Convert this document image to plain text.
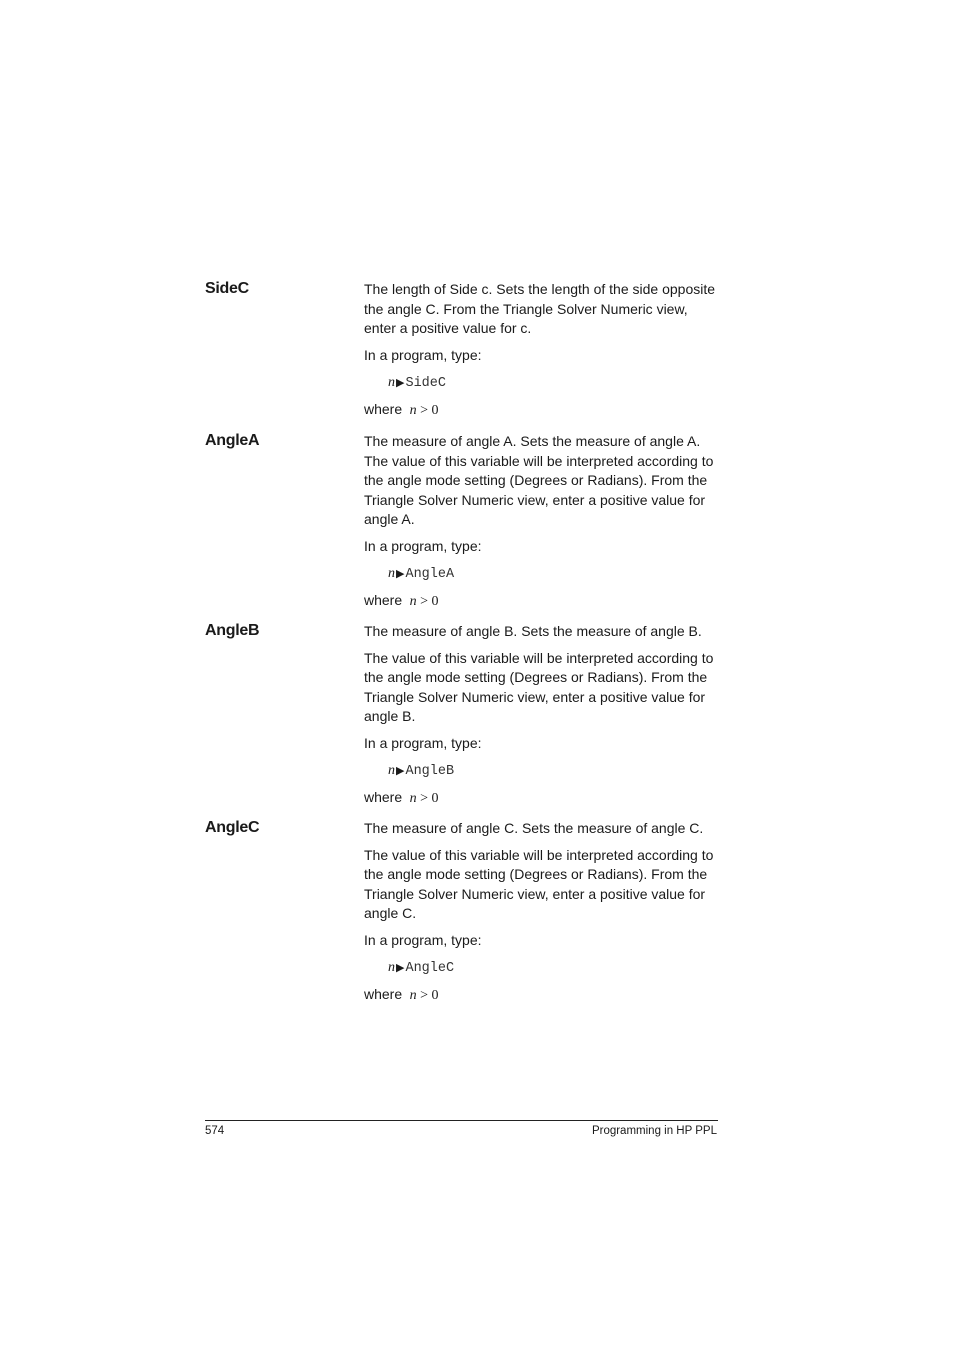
SideC	The length of Side c. Sets the length of the side opposite the angle C. From the Triangle Solver Numeric view, enter a positive value for c.

In a program, type:

n▶SideC

where n > 0

AngleA	The measure of angle A. Sets the measure of angle A. The value of this variable will be interpreted according to the angle mode setting (Degrees or Radians). From the Triangle Solver Numeric view, enter a positive value for angle A.

In a program, type:

n▶AngleA

where n > 0

AngleB	The measure of angle B. Sets the measure of angle B.

The value of this variable will be interpreted according to the angle mode setting (Degrees or Radians). From the Triangle Solver Numeric view, enter a positive value for angle B.

In a program, type:

n▶AngleB

where n > 0

AngleC	The measure of angle C. Sets the measure of angle C.

The value of this variable will be interpreted according to the angle mode setting (Degrees or Radians). From the Triangle Solver Numeric view, enter a positive value for angle C.

In a program, type:

n▶AngleC

where n > 0

574	Programming in HP PPL
